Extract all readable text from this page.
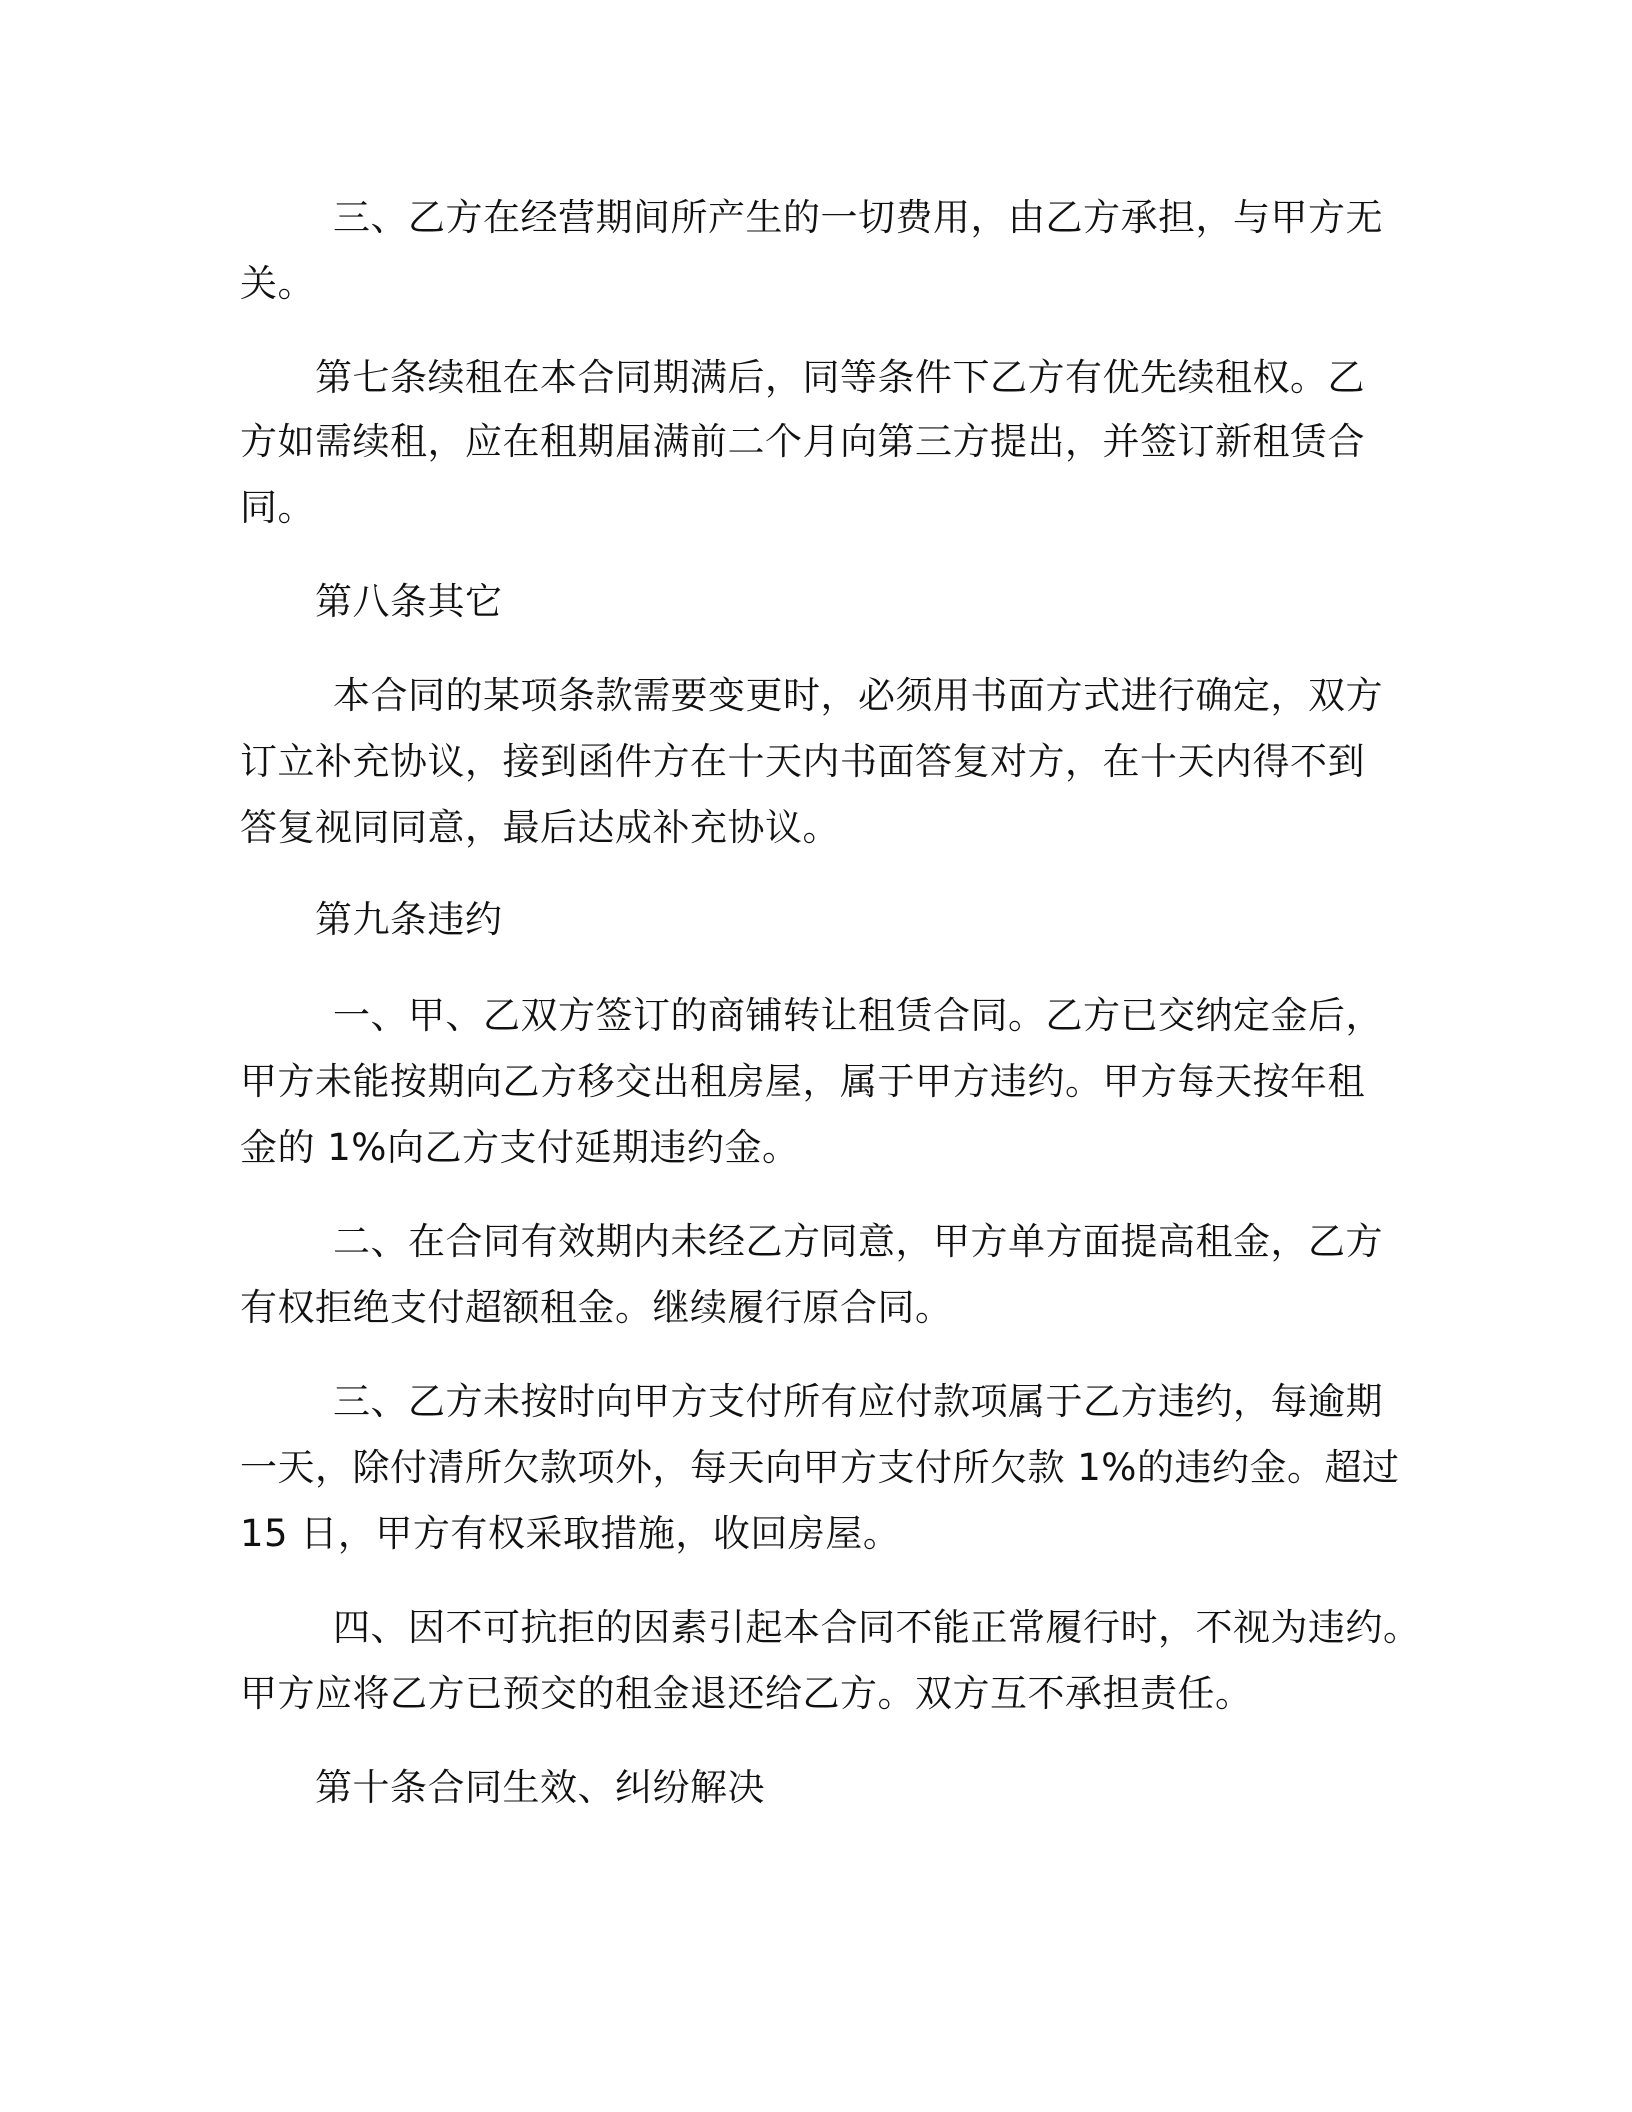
三、乙方在经营期间所产生的一切费用，由乙方承担，与甲方无
关。
第七条续租在本合同期满后，同等条件下乙方有优先续租权。乙
方如需续租，应在租期届满前二个月向第三方提出，并签订新租赁合
同。
第八条其它
本合同的某项条款需要变更时，必须用书面方式进行确定，双方
订立补充协议，接到函件方在十天内书面答复对方，在十天内得不到
答复视同同意，最后达成补充协议。
第九条违约
一、甲、乙双方签订的商铺转让租赁合同。乙方已交纳定金后，
甲方未能按期向乙方移交出租房屋，属于甲方违约。甲方每天按年租
金的 1%向乙方支付延期违约金。
二、在合同有效期内未经乙方同意，甲方单方面提高租金，乙方
有权拒绝支付超额租金。继续履行原合同。
三、乙方未按时向甲方支付所有应付款项属于乙方违约，每逾期
一天，除付清所欠款项外，每天向甲方支付所欠款 1%的违约金。超过
15 日，甲方有权采取措施，收回房屋。
四、因不可抗拒的因素引起本合同不能正常履行时，不视为违约。
甲方应将乙方已预交的租金退还给乙方。双方互不承担责任。
第十条合同生效、纠纷解决
